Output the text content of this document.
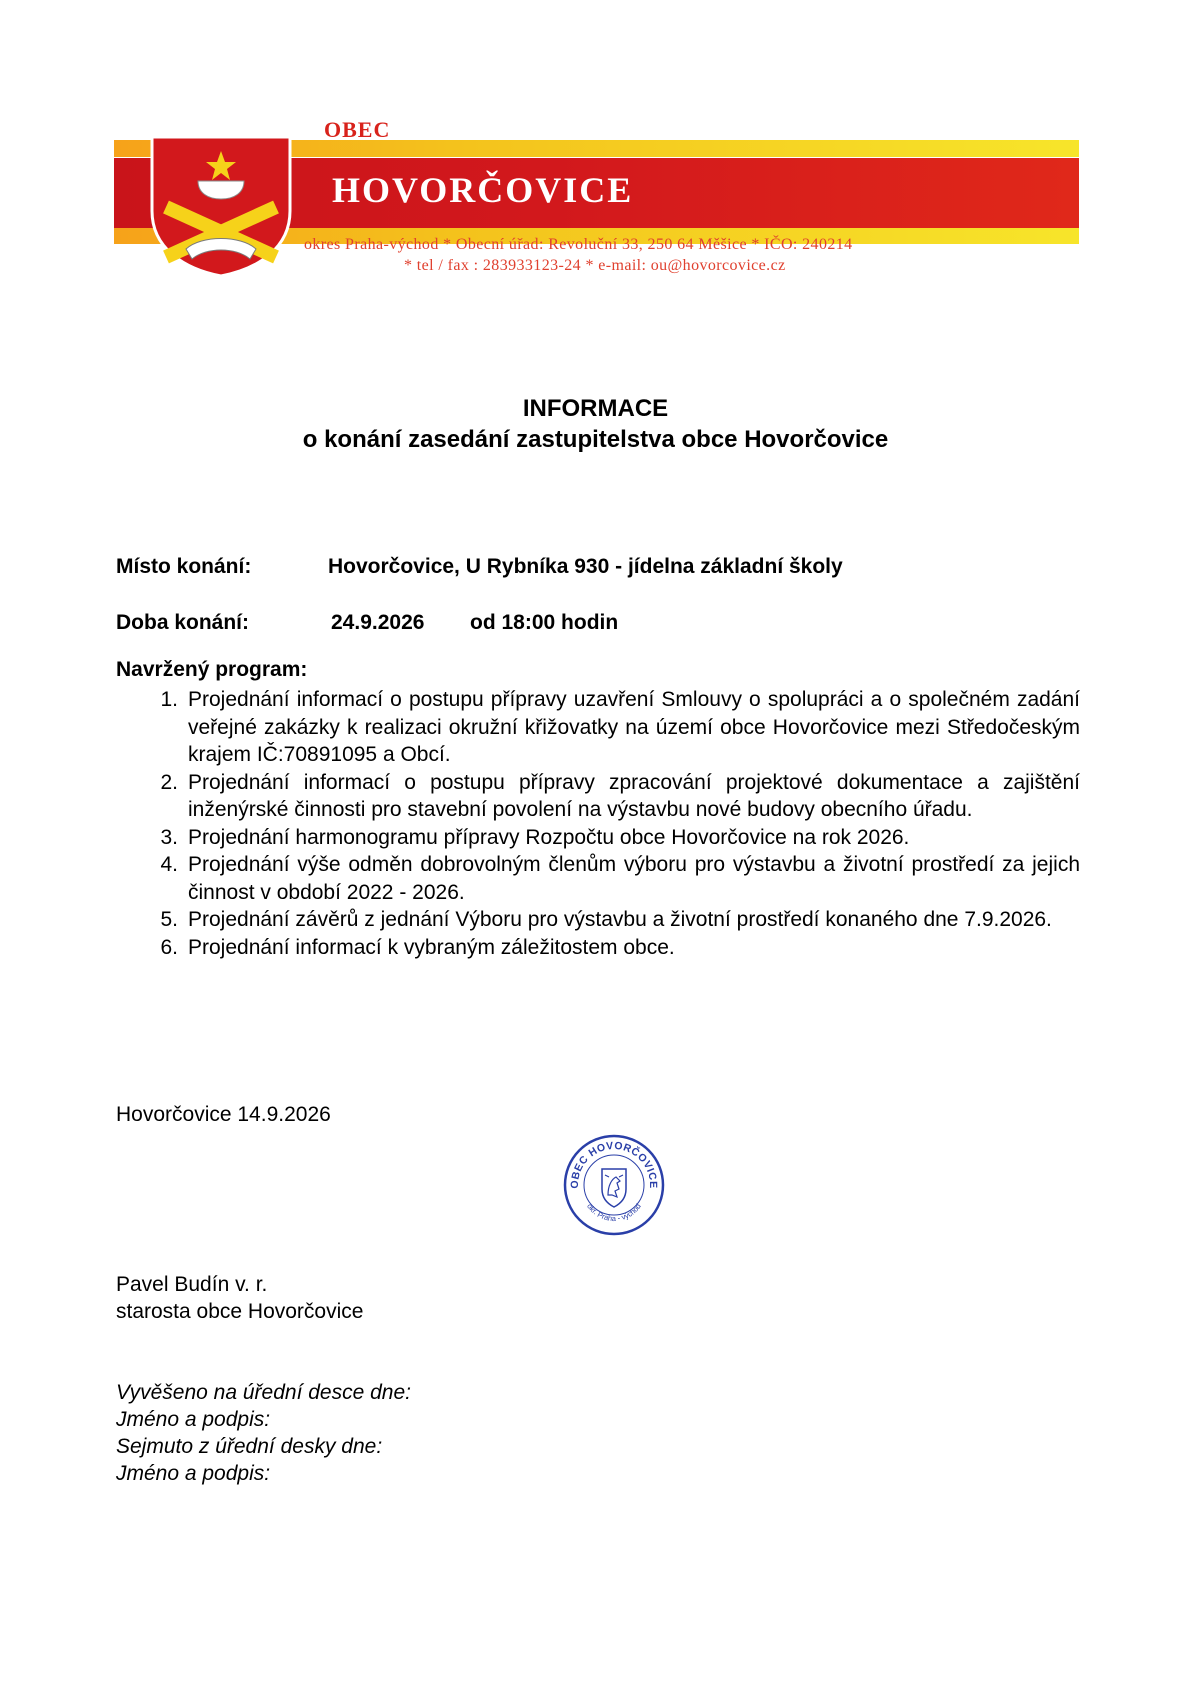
OBEC
HOVORČOVICE
okres Praha-východ * Obecní úřad: Revoluční 33, 250 64 Měšice * IČO: 240214
* tel / fax : 283933123-24 * e-mail: ou@hovorcovice.cz
INFORMACE
o konání zasedání zastupitelstva obce Hovorčovice
Místo konání:	Hovorčovice, U Rybníka 930 - jídelna základní školy
Doba konání:	24.9.2026 od 18:00 hodin
Navržený program:
1. Projednání informací o postupu přípravy uzavření Smlouvy o spolupráci a o společném zadání veřejné zakázky k realizaci okružní křižovatky na území obce Hovorčovice mezi Středočeským krajem IČ:70891095 a Obcí.
2. Projednání informací o postupu přípravy zpracování projektové dokumentace a zajištění inženýrské činnosti pro stavební povolení na výstavbu nové budovy obecního úřadu.
3. Projednání harmonogramu přípravy Rozpočtu obce Hovorčovice na rok 2026.
4. Projednání výše odměn dobrovolným členům výboru pro výstavbu a životní prostředí za jejich činnost v období 2022 - 2026.
5. Projednání závěrů z jednání Výboru pro výstavbu a životní prostředí konaného dne 7.9.2026.
6. Projednání informací k vybraným záležitostem obce.
Hovorčovice 14.9.2026
OBEC HOVORČOVICE
okr. Praha - východ
Pavel Budín v. r.
starosta obce Hovorčovice
Vyvěšeno na úřední desce dne:
Jméno a podpis:
Sejmuto z úřední desky dne:
Jméno a podpis:
